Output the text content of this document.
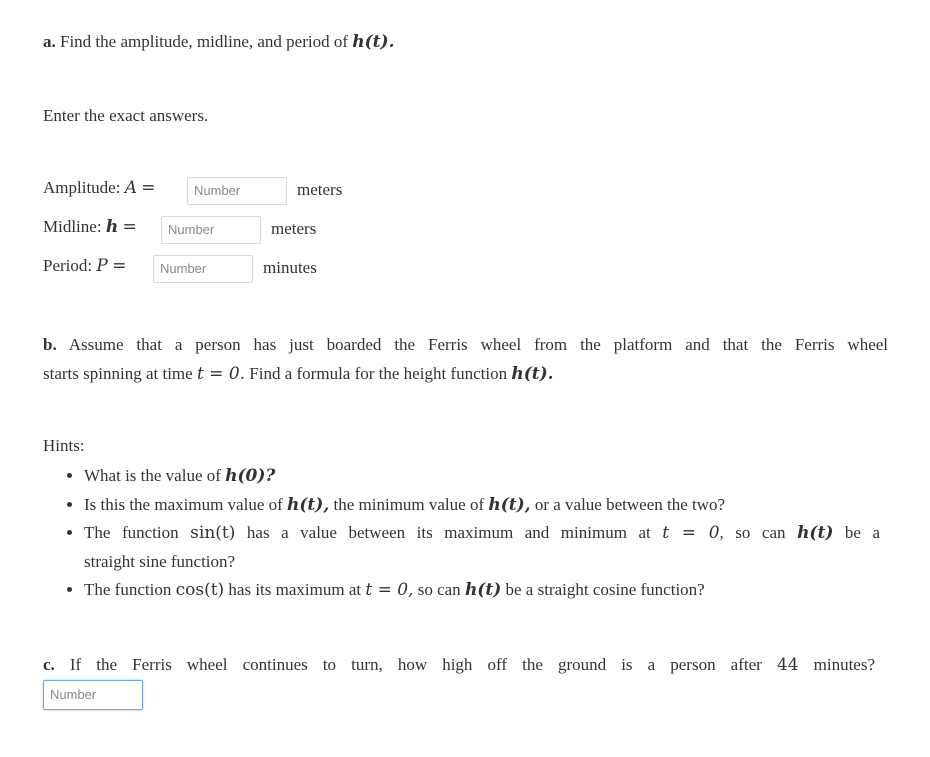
a. Find the amplitude, midline, and period of h(t).
Enter the exact answers.
Amplitude: A =	Number	meters
Midline: h =	Number	meters
Period: P =	Number	minutes
b. Assume that a person has just boarded the Ferris wheel from the platform and that the Ferris wheel
starts spinning at time t = 0. Find a formula for the height function h(t).
Hints:
• What is the value of h(0)?
• Is this the maximum value of h(t), the minimum value of h(t), or a value between the two?
• The function sin(t) has a value between its maximum and minimum at t = 0, so can h(t) be a
straight sine function?
• The function cos(t) has its maximum at t = 0, so can h(t) be a straight cosine function?
c. If the Ferris wheel continues to turn, how high off the ground is a person after 44 minutes?
Number
